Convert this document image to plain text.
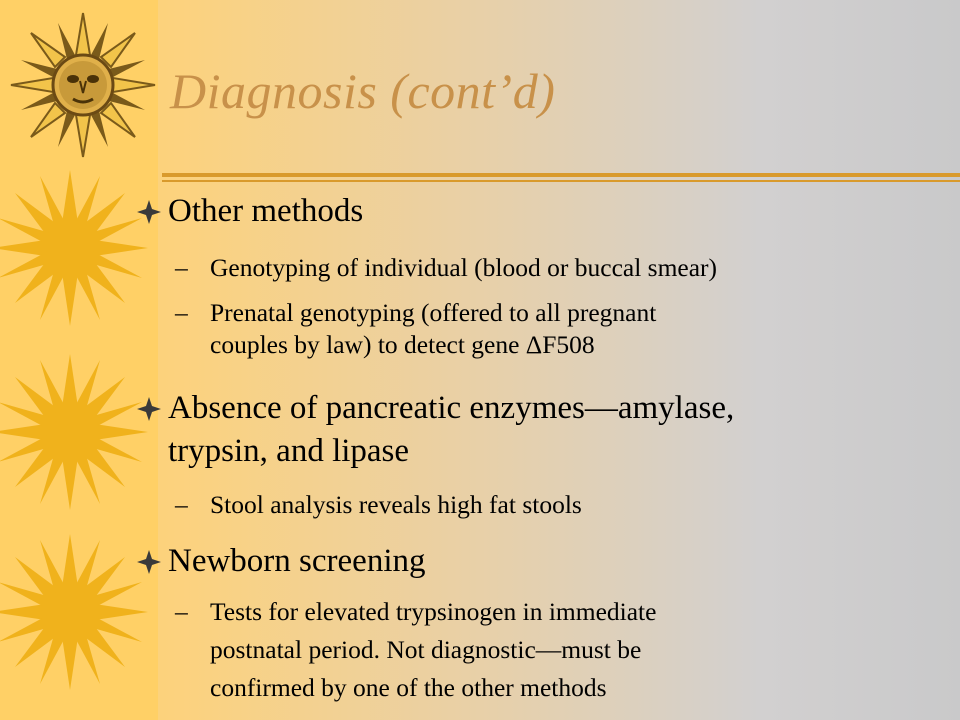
Diagnosis (cont’d)
Other methods
– Genotyping of individual (blood or buccal smear)
– Prenatal genotyping (offered to all pregnant
couples by law) to detect gene ΔF508
Absence of pancreatic enzymes—amylase,
trypsin, and lipase
– Stool analysis reveals high fat stools
Newborn screening
– Tests for elevated trypsinogen in immediate
postnatal period. Not diagnostic—must be
confirmed by one of the other methods
